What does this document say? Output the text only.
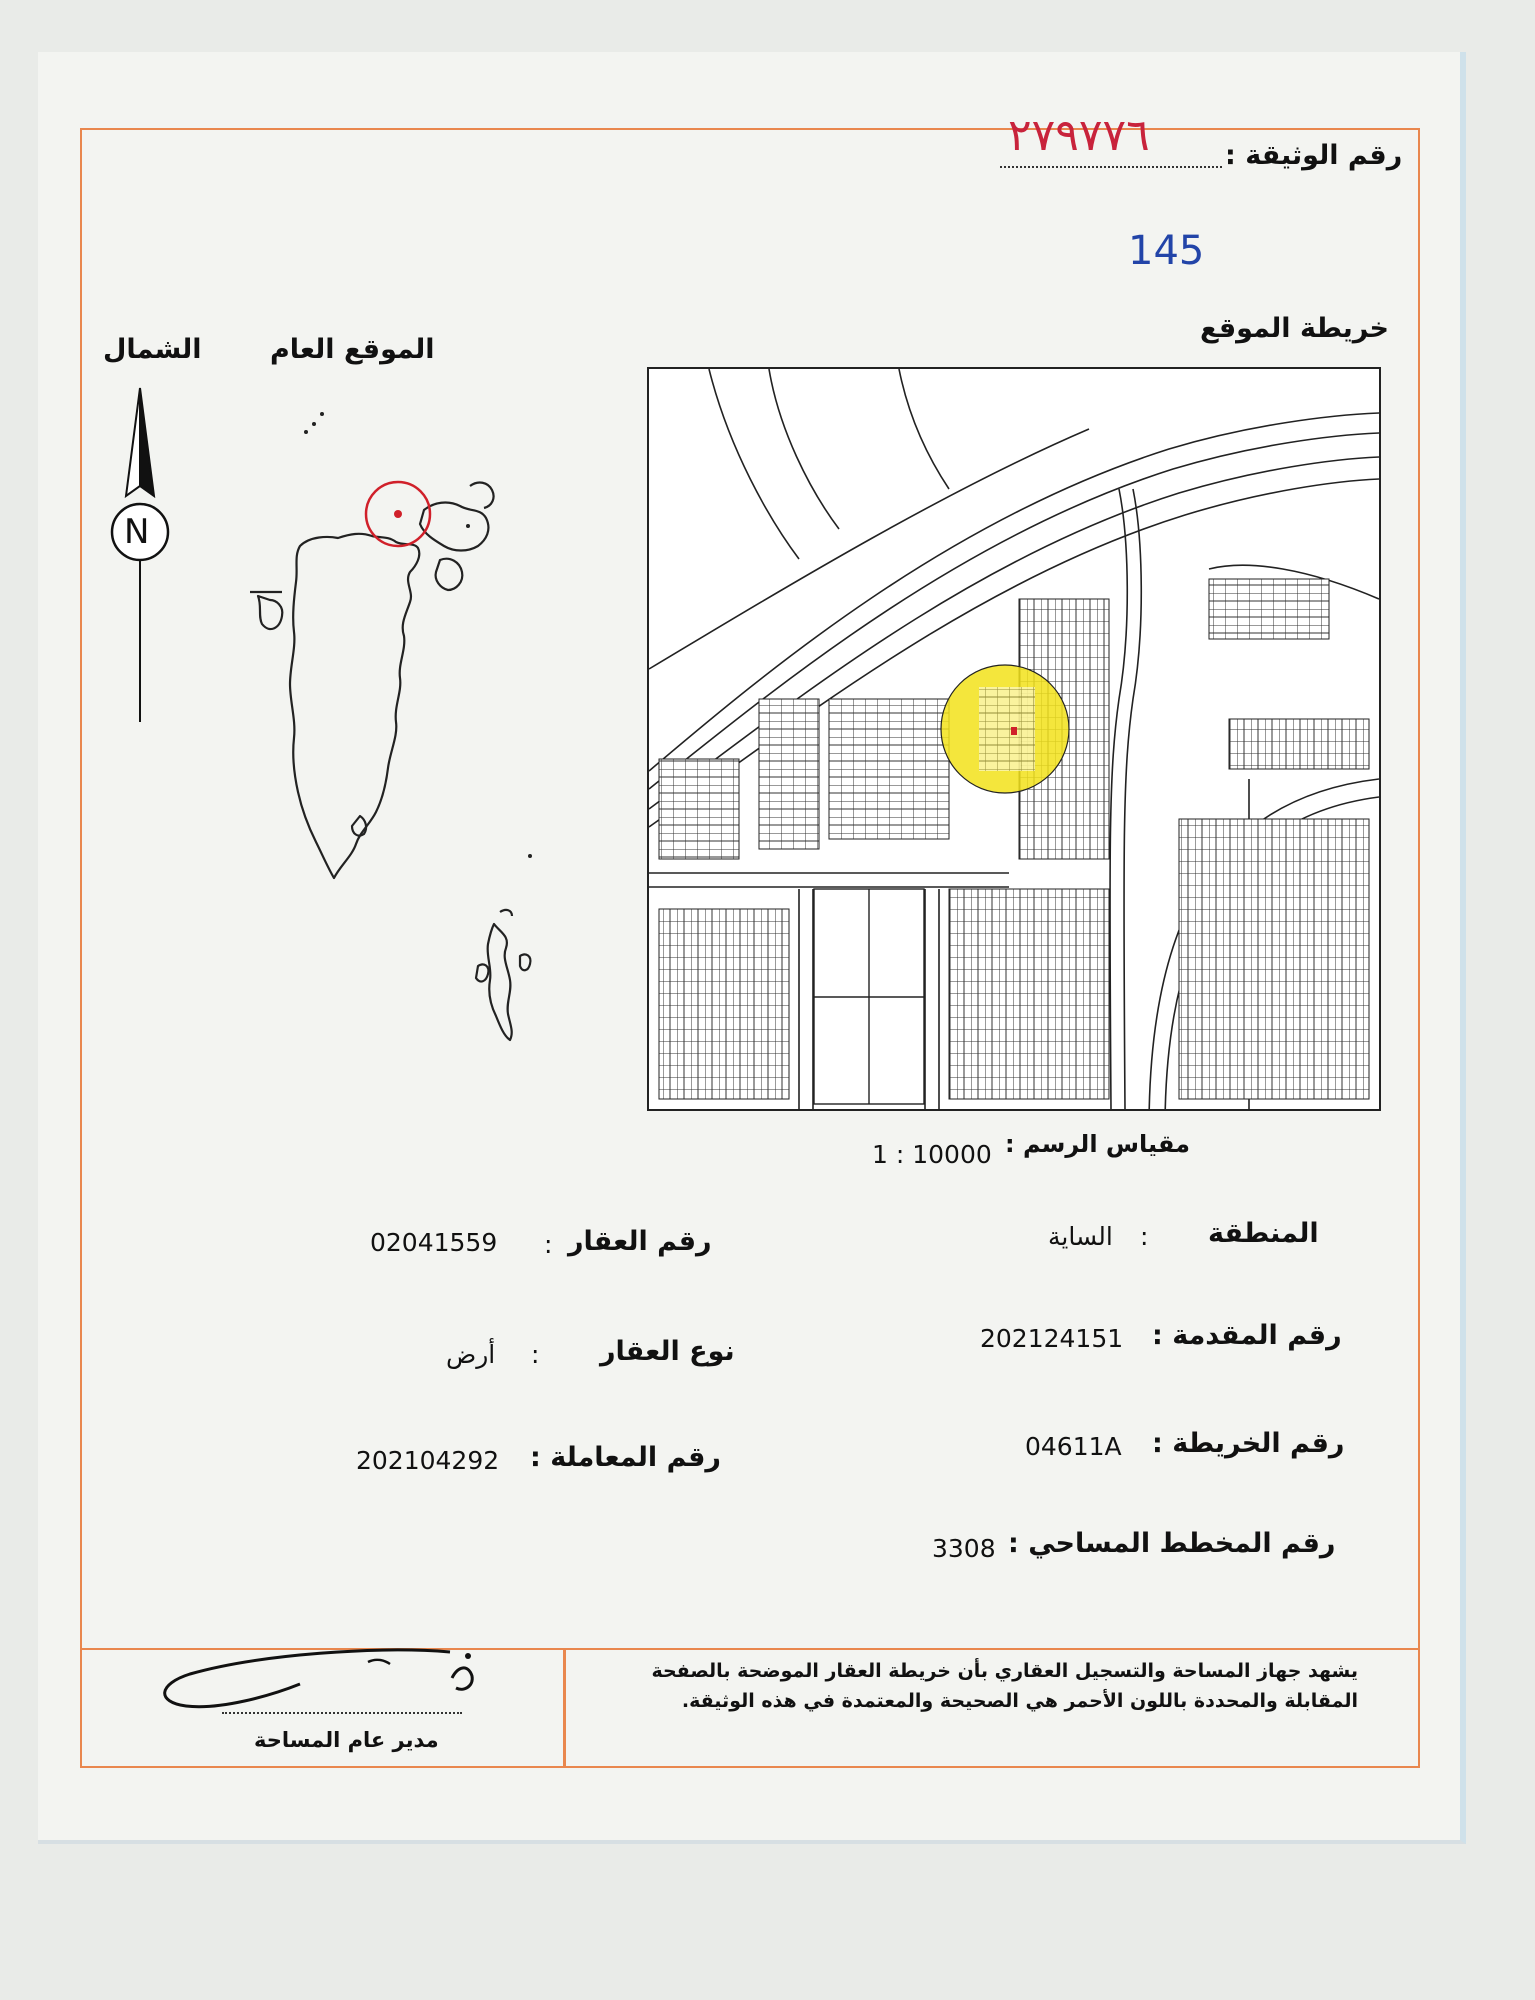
رقم الوثيقة :
٢٧٩٧٧٦
145
خريطة الموقع
الموقع العام
الشمال
N
مقياس الرسم :
1 : 10000
المنطقة
:
الساية
رقم المقدمة :
202124151
رقم الخريطة :
04611A
رقم المخطط المساحي :
3308
رقم العقار
:
02041559
نوع العقار
:
أرض
رقم المعاملة :
202104292
يشهد جهاز المساحة والتسجيل العقاري بأن خريطة العقار الموضحة بالصفحة المقابلة والمحددة باللون الأحمر هي الصحيحة والمعتمدة في هذه الوثيقة.
مدير عام المساحة
